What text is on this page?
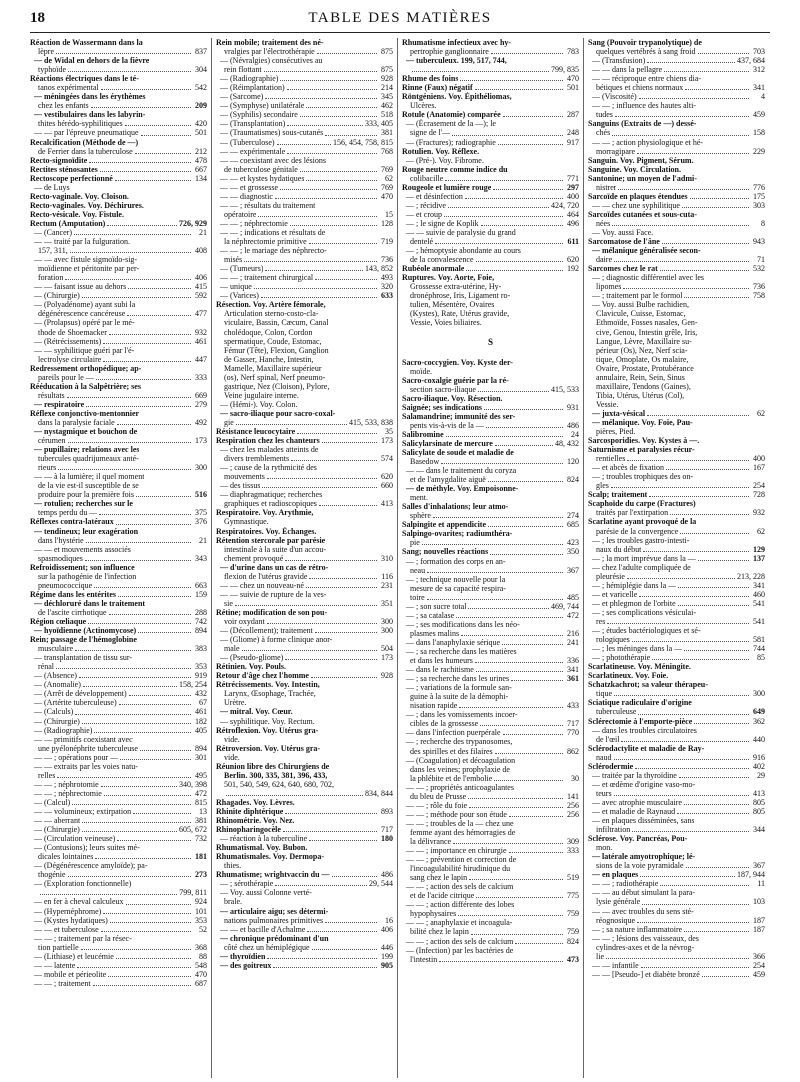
18	TABLE DES MATIÈRES
Réaction de Wassermann dans la
lèpre	837
— de Widal en dehors de la fièvre
typhoïde	304
Réactions électriques dans le té-
tanos expérimental	542
— méningées dans les érythèmes
chez les enfants	209
— vestibulaires dans les labyrin-
thites hérédo-syphilitiques	420
— — par l'épreuve pneumatique	501
Recalcification (Méthode de —)
de Ferrier dans la tuberculose	212
Recto-sigmoïdite	478
Rectites sténosantes	667
Rectoscope perfectionné	134
— de Luys
Recto-vaginale. Voy. Cloison.
Recto-vaginales. Voy. Déchirures.
Recto-vésicale. Voy. Fistule.
Rectum (Amputation)	726, 929
— (Cancer)	21
— — traité par la fulguration.
157, 311,	408
— — avec fistule sigmoïdo-sig-
moïdienne et péritonite par per-
foration	406
— — faisant issue au dehors	415
— (Chirurgie)	592
— (Polyadénome) ayant subi la
dégénérescence cancéreuse	477
— (Prolapsus) opéré par le mé-
thode de Shoemacker	932
— (Rétrécissements)	461
— — syphilitique guéri par l'é-
lectrolyse circulaire	447
Redressement orthopédique; ap-
pareils pour le —	333
Rééducation à la Salpêtrière; ses
résultats	669
— respiratoire	279
Réflexe conjonctivo-mentonnier
dans la paralysie faciale	492
— nystagmique et bouchon de
cérumen	173
— pupillaire; relations avec les
tubercules quadrijumeaux anté-
rieurs	300
— — à la lumière; il quel moment
de la vie est-il susceptible de se
produire pour la première fois	516
— rotulien; recherches sur le
temps perdu du —	375
Réflexes contra-latéraux	376
— tendineux; leur exagération
dans l'hystérie	21
— — et mouvements associés
spasmodiques	343
Refroidissement; son influence
sur la pathogénie de l'infection
pneumococcique	663
Régime dans les entérites	159
— déchloruré dans le traitement
de l'ascite cirrhotique	288
Région cœliaque	742
— hyoïdienne (Actinomycose)	894
Rein; passage de l'hémoglobine
musculaire	383
— transplantation de tissu sur-
rénal	353
— (Absence)	919
— (Anomalie)	158, 254
— (Arrêt de développement)	432
— (Artérite tuberculeuse)	67
— (Calculs)	461
— (Chirurgie)	182
— (Radiographie)	405
— — primitifs coexistant avec
une pyélonéphrite tuberculeuse	894
— — ; opérations pour —	301
— — extraits par les voies natu-
relles	495
— — ; néphrotomie	340, 398
— — ; néphrectomie	472
— (Calcul)	815
— — volumineux; extirpation	13
— — aberrant	381
— (Chirurgie)	605, 672
— (Circulation veineuse)	732
— (Contusions); leurs suites mé-
dicales lointaines	181
— (Dégénérescence amyloïde); pa-
thogénie	273
— (Exploration fonctionnelle)
799, 811
— en fer à cheval calculeux	924
— (Hypernéphrome)	101
— (Kystes hydatiques)	353
— — et tuberculose	52
— — ; traitement par la résec-
tion partielle	368
— (Lithiase) et leucémie	88
— — latente	548
— mobile et périeolite	470
— — ; traitement	687
Rein mobile; traitement des né-
vralgies par l'électrothérapie	875
— (Névralgies) consécutives au
rein flottant	875
— (Radiographie)	928
— (Réimplantation)	214
— (Sarcome)	345
— (Symphyse) unilatérale	462
— (Syphilis) secondaire	518
— (Transplantation)	333, 405
— (Traumatismes) sous-cutanés	381
— (Tuberculose)	156, 454, 758, 815
— — expérimentale	768
— — coexistant avec des lésions
de tuberculose génitale	769
— — et kystes hydatiques	62
— — et grossesse	769
— — diagnostic	470
— — ; résultats du traitement
opératoire	15
— — ; néphrectomie	128
— — ; indications et résultats de
la néphrectomie primitive	719
— — ; le mariage des néphrecto-
misés	736
— (Tumeurs)	143, 852
— — ; traitement chirurgical	493
— unique	320
— (Varices)	633
Résection. Voy. Artère fémorale,
Articulation sterno-costo-cla-
viculaire, Bassin, Cæcum, Canal
cholédoque, Colon, Cordon
spermatique, Coude, Estomac,
Fémur (Tête), Flexion, Ganglion
de Gasser, Hanche, Intestin,
Mamelle, Maxillaire supérieur
(os), Nerf spinal, Nerf pneumo-
gastrique, Nez (Cloison), Pylore,
Veine jugulaire interne.
— (Hémi-). Voy. Colon.
— sacro-iliaque pour sacro-coxal-
gie	415, 533, 838
Résistance leucocytaire	35
Respiration chez les chanteurs	173
— chez les malades atteints de
divers tremblements	574
— ; cause de la rythmicité des
mouvements	620
— des tissus	660
— diaphragmatique; recherches
graphiques et radioscopiques	413
Respiratoire. Voy. Arythmie,
Gymnastique.
Respiratoires. Voy. Échanges.
Rétention stercorale par parésie
intestinale à la suite d'un accou-
chement provoqué	310
— d'urine dans un cas de rétro-
flexion de l'utérus gravide	116
— — chez un nouveau-né	231
— — suivie de rupture de la ves-
sie	351
Rétine; modification de son pou-
voir oxydant	300
— (Décollement); traitement	300
— (Gliome) à forme clinique anor-
male	504
— (Pseudo-gliome)	173
Rétinien. Voy. Pouls.
Retour d'âge chez l'homme	928
Rétrécissements. Voy. Intestin,
Larynx, Œsophage, Trachée,
Urètre.
— mitral. Voy. Cœur.
— syphilitique. Voy. Rectum.
Rétroflexion. Voy. Utérus gra-
vide.
Rétroversion. Voy. Utérus gra-
vide.
Réunion libre des Chirurgiens de
Berlin. 300, 335, 381, 396, 433,
501, 540, 549, 624, 640, 680, 702,
834, 844
Rhagades. Voy. Lèvres.
Rhinite diphtérique	893
Rhinométrie. Voy. Nez.
Rhinopharingocèle	717
— réaction à la tuberculine	180
Rhumatismal. Voy. Bubon.
Rhumatismales. Voy. Dermopa-
thies.
Rhumatisme; wrightvaccin du —	486
— ; sérothérapie	29, 544
— Voy. aussi Colonne verté-
brale.
— articulaire aigu; ses détermi-
nations pulmonaires primitives	16
— — et bacille d'Achalme	406
— chronique prédominant d'un
côté chez un hémiplégique	446
— thyroïdien	199
— des goitreux	905
Rhumatisme infectieux avec hy-
pertrophie ganglionnaire	783
— tuberculeux. 199, 517, 744,
799, 835
Rhume des foins	470
Rinne (Faux) négatif	501
Röntgéniens. Voy. Épithéliomas,
Ulcères.
Rotule (Anatomie) comparée	287
— (Écrasement de la —); le
signe de l'—	248
— (Fractures); radiographie	917
Rotulien. Voy. Réflexe.
— (Pré-). Voy. Fibrome.
Rouge neutre comme indice du
colibacille	771
Rougeole et lumière rouge	297
— et désinfection	400
— ; récidive	424, 720
— et croup	464
— ; le signe de Koplik	496
— — suivie de paralysie du grand
dentelé	611
— ; hémoptysie abondante au cours
de la convalescence	620
Rubéole anormale	192
Ruptures. Voy. Aorte, Foie,
Grossesse extra-utérine, Hy-
dronéphrose, Iris, Ligament ro-
tulien, Mésentère, Ovaires
(Kystes), Rate, Utérus gravide,
Vessie, Voies biliaires.
S
Sacro-coccygien. Voy. Kyste der-
moïde.
Sacro-coxalgie guérie par la ré-
section sacro-iliaque	415, 533
Sacro-iliaque. Voy. Résection.
Saignée; ses indications	931
Salamandrine; immunité des ser-
pents vis-à-vis de la —	486
Salibromine	24
Salicylarsinate de mercure	48, 432
Salicylate de soude et maladie de
Basedow	120
— — dans le traitement du coryza
et de l'amygdalite aiguë	824
— de méthyle. Voy. Empoisonne-
ment.
Salles d'inhalations; leur atmo-
sphère	274
Salpingite et appendicite	685
Salpingo-ovarites; radiumthéra-
pie	423
Sang; nouvelles réactions	350
— ; formation des corps en an-
neau	367
— ; technique nouvelle pour la
mesure de sa capacité respira-
toire	485
— ; son sucre total	469, 744
— ; sa catalase	472
— ; ses modifications dans les néo-
plasmes malins	216
— dans l'anaphylaxie sérique	241
— ; sa recherche dans les matières
et dans les humeurs	336
— dans le rachitisme	341
— ; sa recherche dans les urines	361
— ; variations de la formule san-
guine à la suite de la démophi-
nisation rapide	433
— ; dans les vomissements incoer-
cibles de la grossesse	717
— dans l'infection puerpérale	770
— ; recherche des trypanosomes,
des spirilles et des filaires	862
— (Coagulation) et décoagulation
dans les veines; prophylaxie de
la phlébite et de l'embolie	30
— — ; propriétés anticoagulantes
du bleu de Prusse	141
— — ; rôle du foie	256
— — ; méthode pour son étude	256
— — ; troubles de la — chez une
femme ayant des hémorragies de
la délivrance	309
— — ; importance en chirurgie	333
— — ; prévention et correction de
l'incoagulabilité hirudinique du
sang chez le lapin	519
— — ; action des sels de calcium
et de l'acide citrique	775
— — ; action différente des lobes
hypophysaires	759
— — ; anaphylaxie et incoagula-
bilité chez le lapin	759
— — ; action des sels de calcium	824
— (Infection) par les bactéries de
l'intestin	473
Sang (Pouvoir trypanolytique) de
quelques vertébrés à sang froid	703
— (Transfusion)	437, 684
— — dans la pellagre	312
— — réciproque entre chiens dia-
bétiques et chiens normaux	341
— (Viscosité)	4
— — ; influence des hautes alti-
tudes	459
Sanguins (Extraits de —) dessé-
chés	158
— — ; action physiologique et hé-
morragipare	229
Sanguin. Voy. Pigment, Sérum.
Sanguine. Voy. Circulation.
Santonine; un moyen de l'admi-
nistrer	776
Sarcoïde en plaques étendues	175
— — chez une syphilitique	303
Sarcoïdes cutanées et sous-cuta-
nées	8
— Voy. aussi Face.
Sarcomatose de l'âne	943
— mélanique généralisée secon-
daire	71
Sarcomes chez le rat	532
— ; diagnostic différentiel avec les
lipomes	736
— ; traitement par le formol	758
— Voy. aussi Bulbe rachidien,
Clavicule, Cuisse, Estomac,
Ethmoïde, Fosses nasales, Gen-
cive, Genou, Intestin grêle, Iris,
Langue, Lèvre, Maxillaire su-
périeur (Os), Nez, Nerf scia-
tique, Omoplate, Os malaire,
Ovaire, Prostate, Protubérance
annulaire, Rein, Sein, Sinus
maxillaire, Tendons (Gaines),
Tibia, Utérus, Utérus (Col),
Vessie.
— juxta-vésical	62
— mélanique. Voy. Foie, Pau-
pières, Pied.
Sarcosporidies. Voy. Kystes à —.
Saturnisme et paralysies récur-
rentielles	400
— et abcès de fixation	167
— ; troubles trophiques des on-
gles	254
Scalp; traitement	728
Scaphoïde du carpe (Fractures)
traités par l'extirpation	932
Scarlatine ayant provoqué de la
parésie de la convergence	62
— ; les troubles gastro-intesti-
naux du début	129
— ; la mort imprévue dans la —	137
— chez l'adulte compliquée de
pleurésie	213, 228
— ; hémiplégie dans la —	341
— et varicelle	460
— et phlegmon de l'orbite	541
— ; ses complications vésiculai-
res	541
— ; études bactériologiques et sé-
rologiques	581
— ; les méninges dans la —	744
— ; photothérapie	85
Scarlatineuse. Voy. Méningite.
Scarlatineux. Voy. Foie.
Schatzkachrot; sa valeur thérapeu-
tique	300
Sciatique radiculaire d'origine
tuberculeuse	649
Sclérectomie à l'emporte-pièce	362
— dans les troubles circulatoires
de l'œil	440
Sclérodactylite et maladie de Ray-
naud	916
Sclérodermie	402
— traitée par la thyroïdine	29
— et œdème d'origine vaso-mo-
teurs	413
— avec atrophie musculaire	805
— et maladie de Raynaud	805
— en plaques disséminées, sans
infiltration	344
Sclérose. Voy. Pancréas, Pou-
mon.
— latérale amyotrophique; lé-
sions de la voie pyramidale	367
— en plaques	187, 944
— — ; radiothérapie	11
— — au début simulant la para-
lysie générale	103
— — avec troubles du sens sté-
réognosique	187
— ; sa nature inflammatoire	187
— — ; lésions des vaisseaux, des
cylindres-axes et de la névrog-
lie	366
— — infantile	254
— — [Pseudo-] et diabète bronzé	459
